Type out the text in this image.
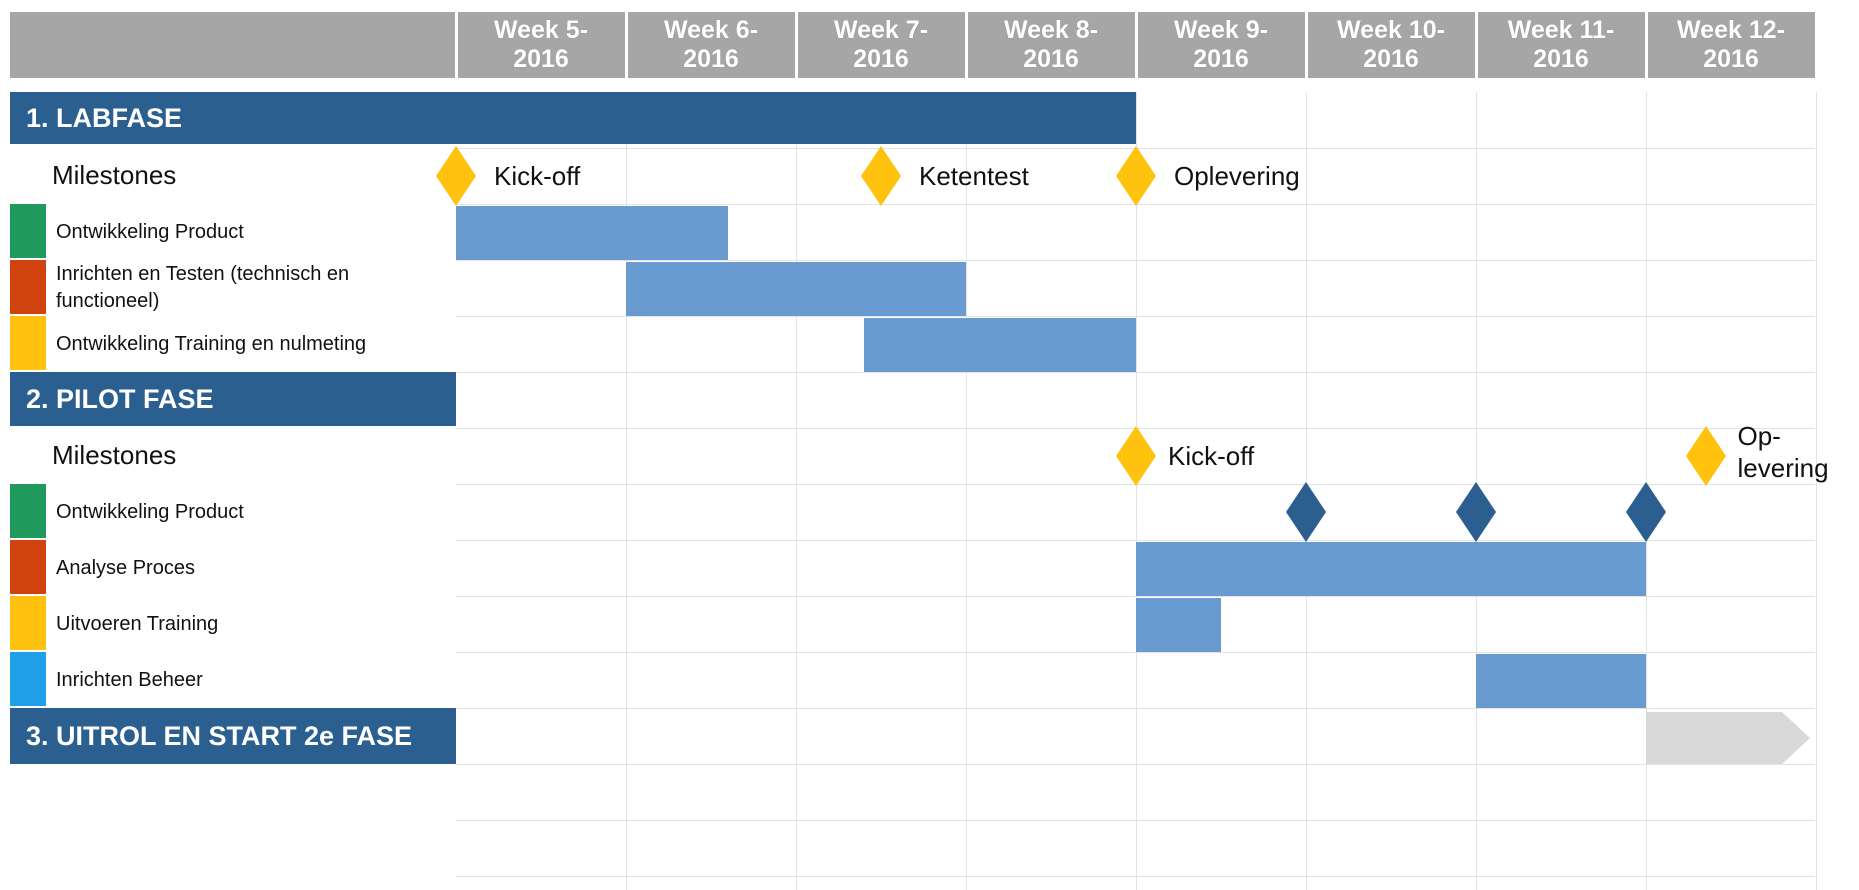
Week 5-
2016
Week 6-
2016
Week 7-
2016
Week 8-
2016
Week 9-
2016
Week 10-
2016
Week 11-
2016
Week 12-
2016
1. LABFASE
Milestones	Kick-off	Ketentest	Oplevering
Ontwikkeling Product
Inrichten en Testen (technisch en functioneel)
Ontwikkeling Training en nulmeting
2. PILOT FASE
Milestones	Kick-off
Op-
levering
Ontwikkeling Product
Analyse Proces
Uitvoeren Training
Inrichten Beheer
3. UITROL EN START 2e FASE
